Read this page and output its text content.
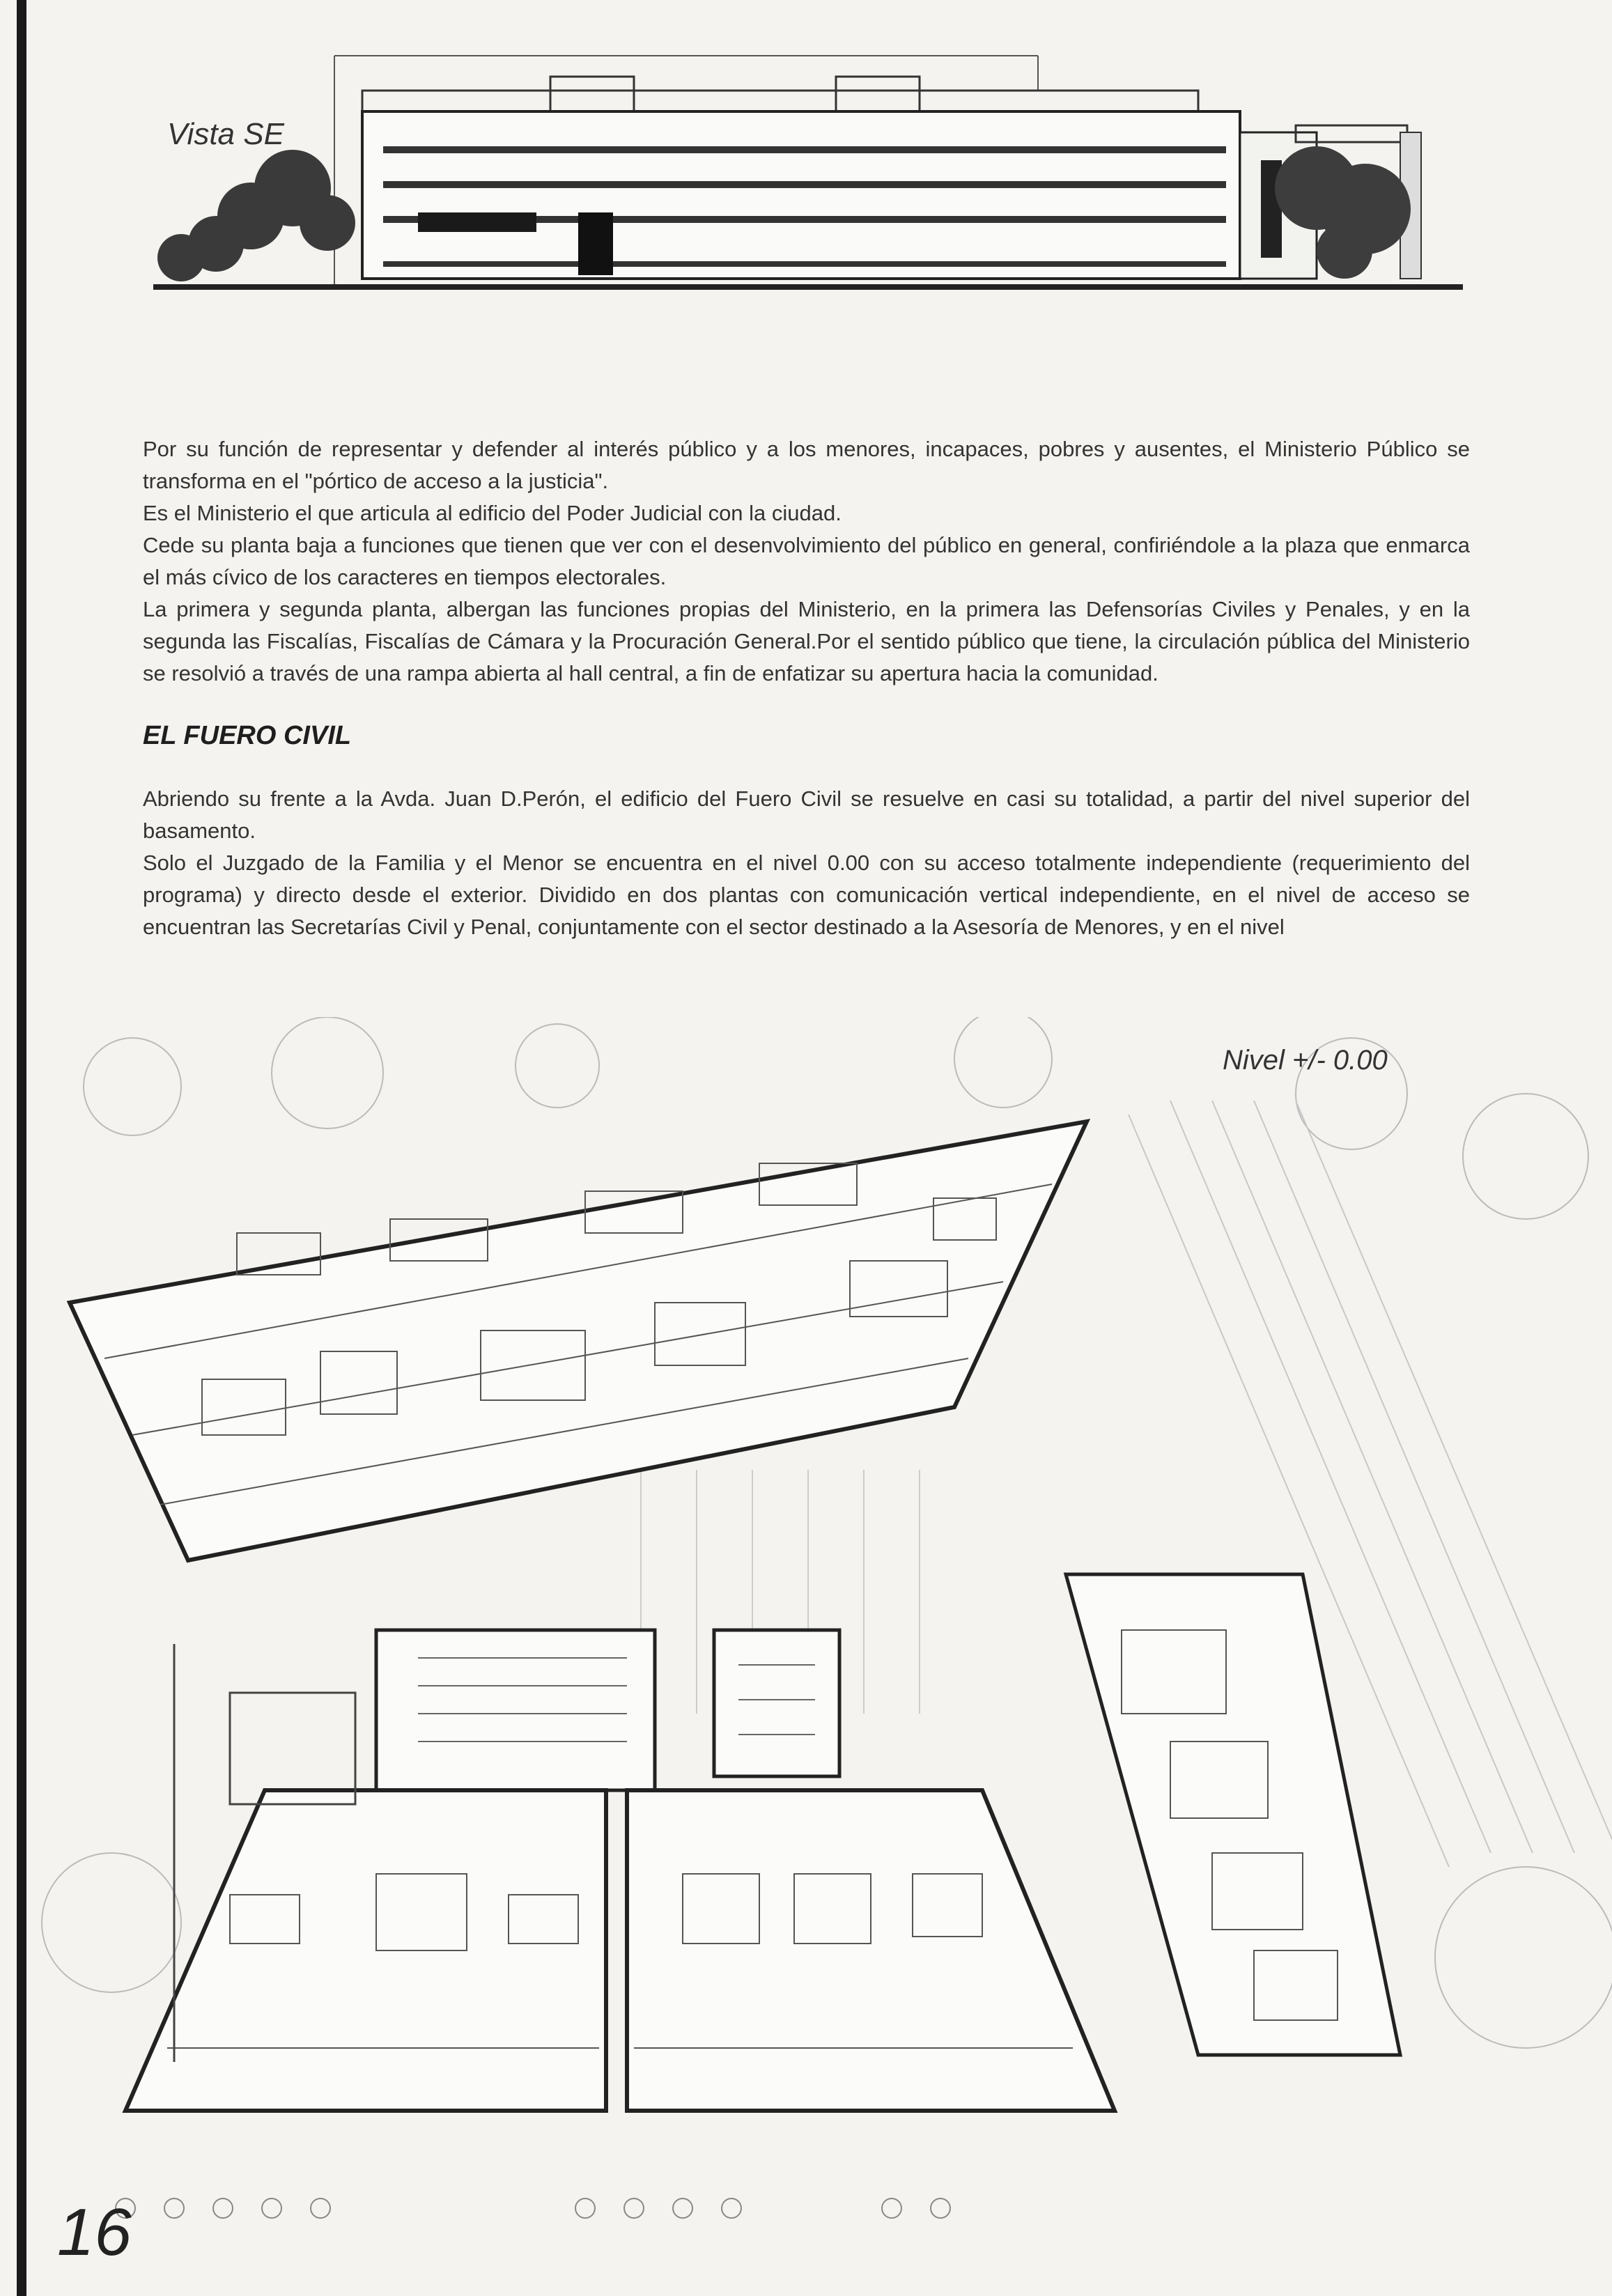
Vista SE

Por su función de representar y defender al interés público y a los menores, incapaces, pobres y ausentes, el Ministerio Público se transforma en el "pórtico de acceso a la justicia".

Es el Ministerio el que articula al edificio del Poder Judicial con la ciudad.

Cede su planta baja a funciones que tienen que ver con el desenvolvimiento del público en general, confiriéndole a la plaza que enmarca el más cívico de los caracteres en tiempos electorales.

La primera y segunda planta, albergan las funciones propias del Ministerio, en la primera las Defensorías Civiles y Penales, y en la segunda las Fiscalías, Fiscalías de Cámara y la Procuración General.Por el sentido público que tiene, la circulación pública del Ministerio se resolvió a través de una rampa abierta al hall central, a fin de enfatizar su apertura hacia la comunidad.

EL FUERO CIVIL

Abriendo su frente a la Avda. Juan D.Perón, el edificio del Fuero Civil se resuelve en casi su totalidad, a partir del nivel superior del basamento.

Solo el Juzgado de la Familia y el Menor se encuentra en el nivel 0.00 con su acceso totalmente independiente (requerimiento del programa) y directo desde el exterior. Dividido en dos plantas con comunicación vertical independiente, en el nivel de acceso se encuentran las Secretarías Civil y Penal, conjuntamente con el sector destinado a la Asesoría de Menores, y en el nivel

Nivel +/- 0.00
16
